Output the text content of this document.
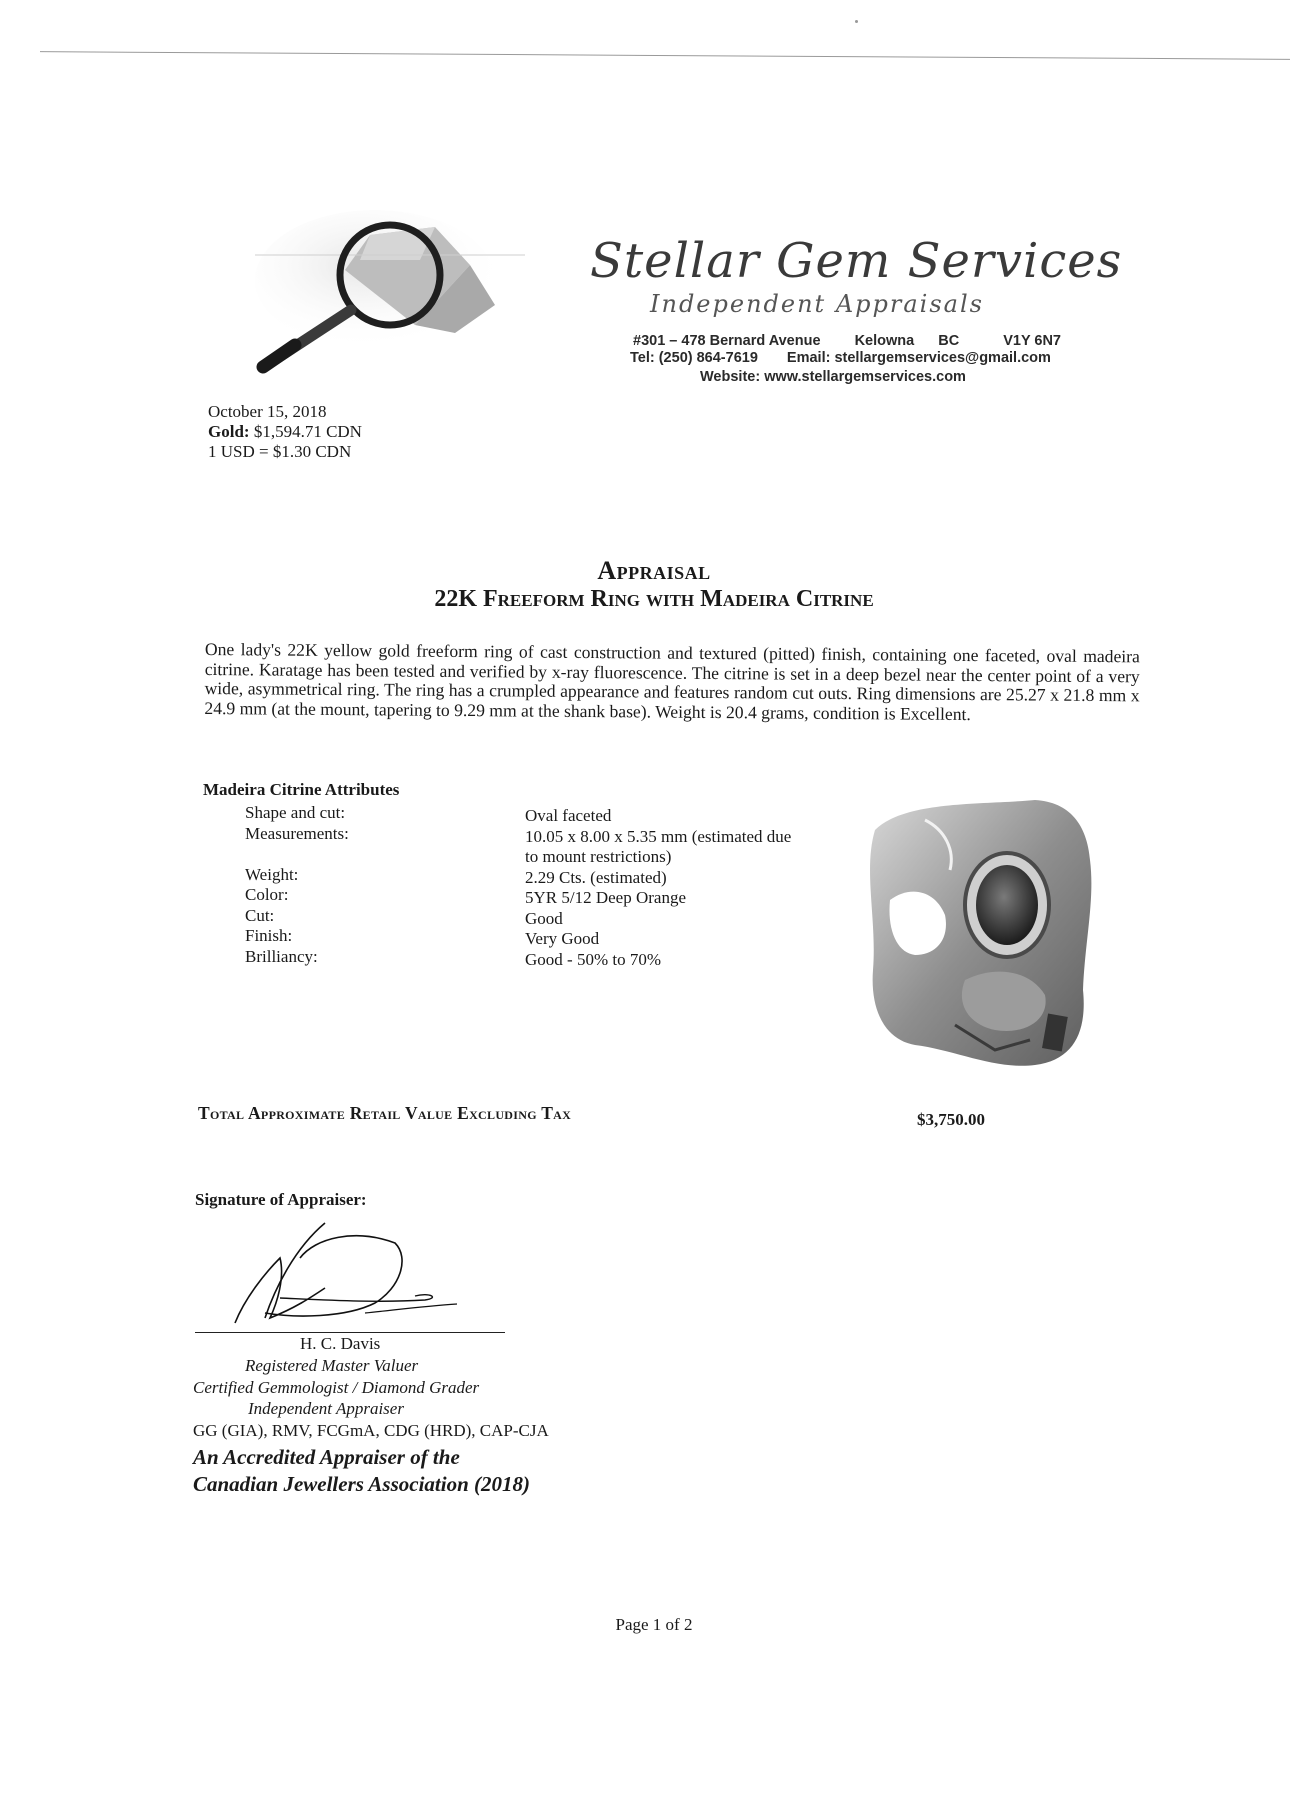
Stellar Gem Services
Independent Appraisals
#301 – 478 Bernard Avenue Kelowna BC	V1Y 6N7
Tel: (250) 864-7619 Email: stellargemservices@gmail.com
Website: www.stellargemservices.com
October 15, 2018
Gold: $1,594.71 CDN
1 USD = $1.30 CDN
Appraisal
22K Freeform Ring with Madeira Citrine
One lady's 22K yellow gold freeform ring of cast construction and textured (pitted) finish, containing one faceted, oval madeira citrine. Karatage has been tested and verified by x-ray fluorescence. The citrine is set in a deep bezel near the center point of a very wide, asymmetrical ring. The ring has a crumpled appearance and features random cut outs. Ring dimensions are 25.27 x 21.8 mm x 24.9 mm (at the mount, tapering to 9.29 mm at the shank base). Weight is 20.4 grams, condition is Excellent.
Madeira Citrine Attributes
Shape and cut:
Measurements:

Weight:
Color:
Cut:
Finish:
Brilliancy:
Oval faceted
10.05 x 8.00 x 5.35 mm (estimated due
to mount restrictions)
2.29 Cts. (estimated)
5YR 5/12 Deep Orange
Good
Very Good
Good - 50% to 70%
Total Approximate Retail Value Excluding Tax	$3,750.00
Signature of Appraiser:
H. C. Davis
Registered Master Valuer
Certified Gemmologist / Diamond Grader
Independent Appraiser
GG (GIA), RMV, FCGmA, CDG (HRD), CAP-CJA
An Accredited Appraiser of the
Canadian Jewellers Association (2018)
Page 1 of 2
